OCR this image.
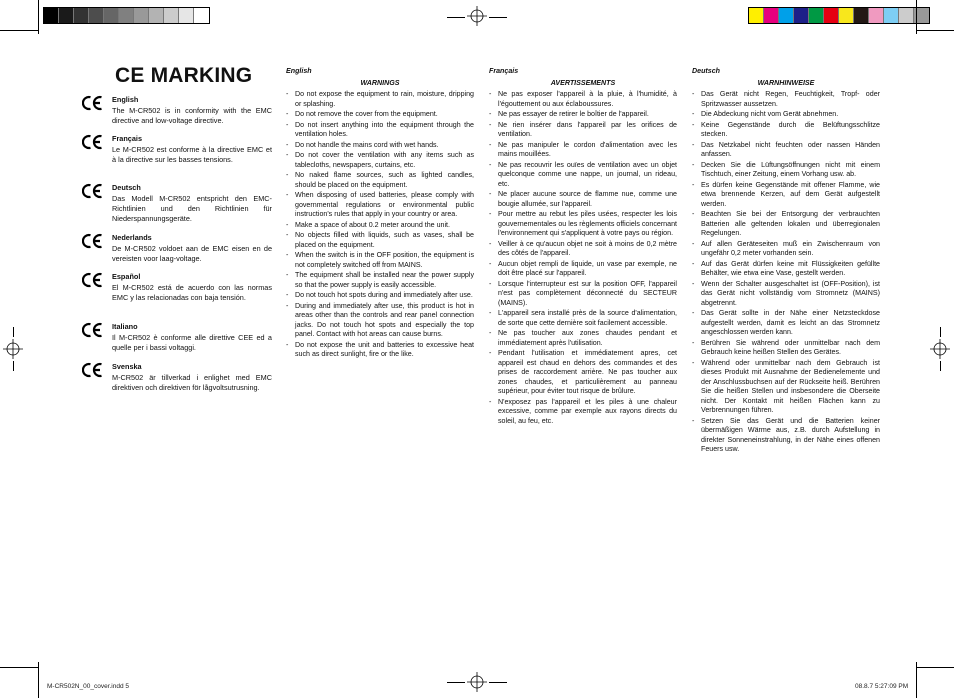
CE MARKING
English
The M-CR502 is in conformity with the EMC directive and low-voltage directive.
Français
Le M-CR502 est conforme à la directive EMC et à la directive sur les basses tensions.
Deutsch
Das Modell M-CR502 entspricht den EMC-Richtlinien und den Richtlinien für Niederspannungsgeräte.
Nederlands
De M-CR502 voldoet aan de EMC eisen en de vereisten voor laag-voltage.
Español
El M-CR502 está de acuerdo con las normas EMC y las relacionadas con baja tensión.
Italiano
Il M-CR502 è conforme alle direttive CEE ed a quelle per i bassi voltaggi.
Svenska
M-CR502 är tillverkad i enlighet med EMC direktiven och direktiven för lågvoltsutrusning.
English
WARNINGS
- Do not expose the equipment to rain, moisture, dripping or splashing.
- Do not remove the cover from the equipment.
- Do not insert anything into the equipment through the ventilation holes.
- Do not handle the mains cord with wet hands.
- Do not cover the ventilation with any items such as tablecloths, newspapers, curtains, etc.
- No naked flame sources, such as lighted candles, should be placed on the equipment.
- When disposing of used batteries, please comply with governmental regulations or environmental public instruction's rules that apply in your country or area.
- Make a space of about 0.2 meter around the unit.
- No objects filled with liquids, such as vases, shall be placed on the equipment.
- When the switch is in the OFF position, the equipment is not completely switched off from MAINS.
- The equipment shall be installed near the power supply so that the power supply is easily accessible.
- Do not touch hot spots during and immediately after use.
- During and immediately after use, this product is hot in areas other than the controls and rear panel connection jacks. Do not touch hot spots and especially the top panel. Contact with hot areas can cause burns.
- Do not expose the unit and batteries to excessive heat such as direct sunlight, fire or the like.
Français
AVERTISSEMENTS
- Ne pas exposer l'appareil à la pluie, à l'humidité, à l'égouttement ou aux éclaboussures.
- Ne pas essayer de retirer le boîtier de l'appareil.
- Ne rien insérer dans l'appareil par les orifices de ventilation.
- Ne pas manipuler le cordon d'alimentation avec les mains mouillées.
- Ne pas recouvrir les ouïes de ventilation avec un objet quelconque comme une nappe, un journal, un rideau, etc.
- Ne placer aucune source de flamme nue, comme une bougie allumée, sur l'appareil.
- Pour mettre au rebut les piles usées, respecter les lois gouvernementales ou les règlements officiels concernant l'environnement qui s'appliquent à votre pays ou région.
- Veiller à ce qu'aucun objet ne soit à moins de 0,2 mètre des côtés de l'appareil.
- Aucun objet rempli de liquide, un vase par exemple, ne doit être placé sur l'appareil.
- Lorsque l'interrupteur est sur la position OFF, l'appareil n'est pas complètement déconnecté du SECTEUR (MAINS).
- L'appareil sera installé près de la source d'alimentation, de sorte que cette dernière soit facilement accessible.
- Ne pas toucher aux zones chaudes pendant et immédiatement après l'utilisation.
- Pendant l'utilisation et immédiatement apres, cet appareil est chaud en dehors des commandes et des prises de raccordement arrière. Ne pas toucher aux zones chaudes, et particulièrement au panneau supérieur, pour éviter tout risque de brûlure.
- N'exposez pas l'appareil et les piles à une chaleur excessive, comme par exemple aux rayons directs du soleil, au feu, etc.
Deutsch
WARNHINWEISE
- Das Gerät nicht Regen, Feuchtigkeit, Tropf- oder Spritzwasser aussetzen.
- Die Abdeckung nicht vom Gerät abnehmen.
- Keine Gegenstände durch die Belüftungsschlitze stecken.
- Das Netzkabel nicht feuchten oder nassen Händen anfassen.
- Decken Sie die Lüftungsöffnungen nicht mit einem Tischtuch, einer Zeitung, einem Vorhang usw. ab.
- Es dürfen keine Gegenstände mit offener Flamme, wie etwa brennende Kerzen, auf dem Gerät aufgestellt werden.
- Beachten Sie bei der Entsorgung der verbrauchten Batterien alle geltenden lokalen und überregionalen Regelungen.
- Auf allen Geräteseiten muß ein Zwischenraum von ungefähr 0,2 meter vorhanden sein.
- Auf das Gerät dürfen keine mit Flüssigkeiten gefüllte Behälter, wie etwa eine Vase, gestellt werden.
- Wenn der Schalter ausgeschaltet ist (OFF-Position), ist das Gerät nicht vollständig vom Stromnetz (MAINS) abgetrennt.
- Das Gerät sollte in der Nähe einer Netzsteckdose aufgestellt werden, damit es leicht an das Stromnetz angeschlossen werden kann.
- Berühren Sie während oder unmittelbar nach dem Gebrauch keine heißen Stellen des Gerätes.
- Während oder unmittelbar nach dem Gebrauch ist dieses Produkt mit Ausnahme der Bedienelemente und der Anschlussbuchsen auf der Rückseite heiß. Berühren Sie die heißen Stellen und insbesondere die Oberseite nicht. Der Kontakt mit heißen Flächen kann zu Verbrennungen führen.
- Setzen Sie das Gerät und die Batterien keiner übermäßigen Wärme aus, z.B. durch Aufstellung in direkter Sonneneinstrahlung, in der Nähe eines offenen Feuers usw.
M-CR502N_00_cover.indd 5	08.8.7 5:27:09 PM
